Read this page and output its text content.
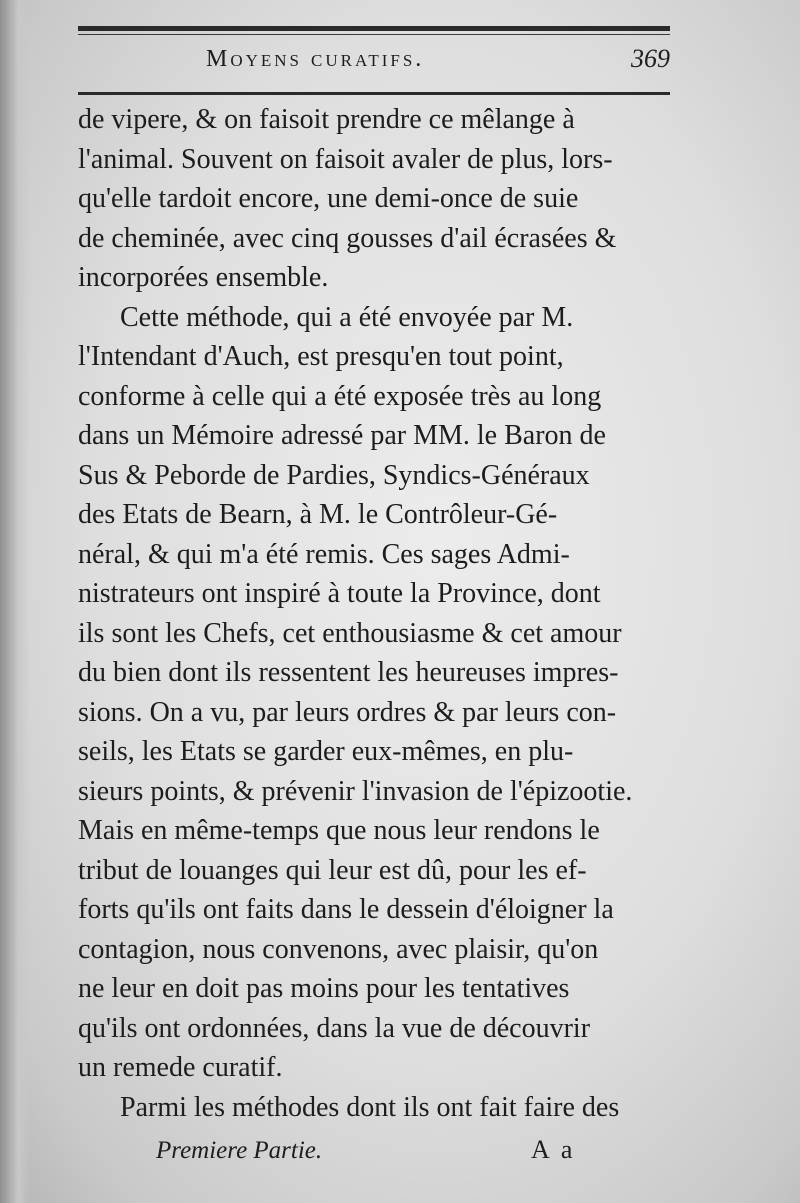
Moyens curatifs.	369
de vipere, & on faisoit prendre ce mêlange à
l'animal. Souvent on faisoit avaler de plus, lors-
qu'elle tardoit encore, une demi-once de suie
de cheminée, avec cinq gousses d'ail écrasées &
incorporées ensemble.
Cette méthode, qui a été envoyée par M.
l'Intendant d'Auch, est presqu'en tout point,
conforme à celle qui a été exposée très au long
dans un Mémoire adressé par MM. le Baron de
Sus & Peborde de Pardies, Syndics-Généraux
des Etats de Bearn, à M. le Contrôleur-Gé-
néral, & qui m'a été remis. Ces sages Admi-
nistrateurs ont inspiré à toute la Province, dont
ils sont les Chefs, cet enthousiasme & cet amour
du bien dont ils ressentent les heureuses impres-
sions. On a vu, par leurs ordres & par leurs con-
seils, les Etats se garder eux-mêmes, en plu-
sieurs points, & prévenir l'invasion de l'épizootie.
Mais en même-temps que nous leur rendons le
tribut de louanges qui leur est dû, pour les ef-
forts qu'ils ont faits dans le dessein d'éloigner la
contagion, nous convenons, avec plaisir, qu'on
ne leur en doit pas moins pour les tentatives
qu'ils ont ordonnées, dans la vue de découvrir
un remede curatif.
Parmi les méthodes dont ils ont fait faire des
Premiere Partie.	A a
